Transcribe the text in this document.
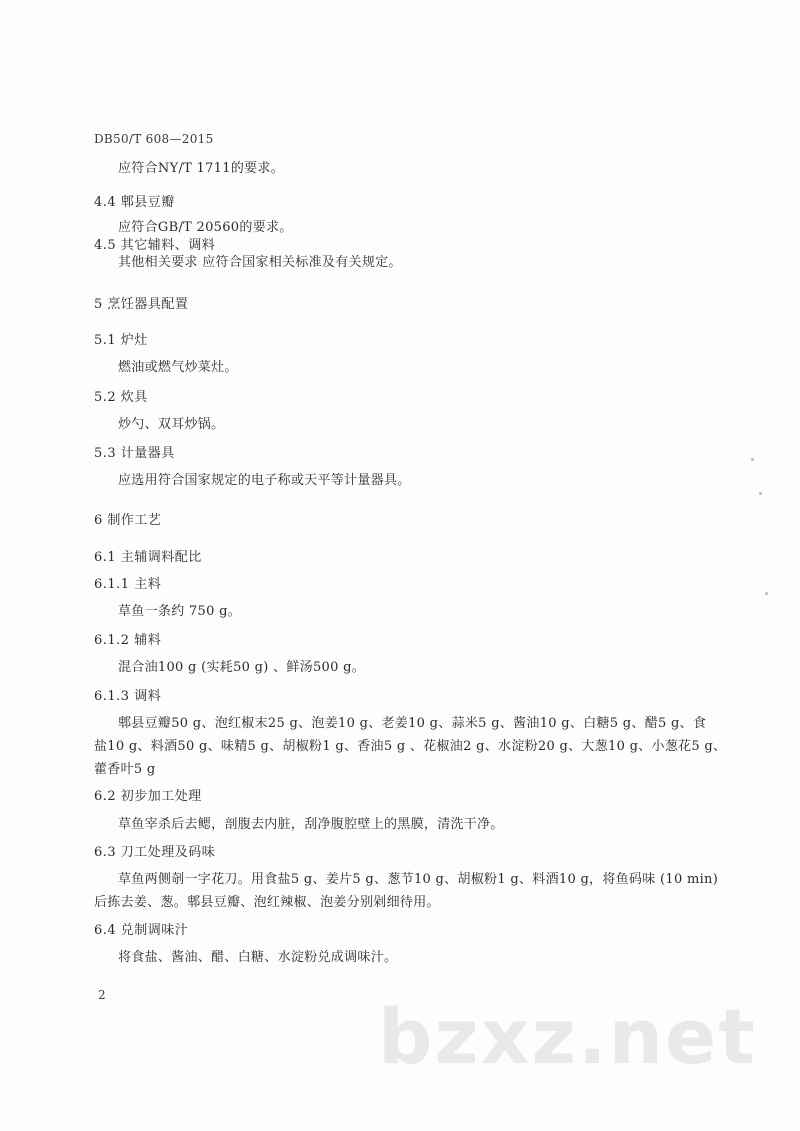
DB50/T 608—2015
应符合NY/T 1711的要求。
4.4 郫县豆瓣
应符合GB/T 20560的要求。
4.5 其它辅料、调料
其他相关要求 应符合国家相关标准及有关规定。
5 烹饪器具配置
5.1 炉灶
燃油或燃气炒菜灶。
5.2 炊具
炒勺、双耳炒锅。
5.3 计量器具
应选用符合国家规定的电子称或天平等计量器具。
6 制作工艺
6.1 主辅调料配比
6.1.1 主料
草鱼一条约 750 g。
6.1.2 辅料
混合油100 g (实耗50 g) 、鲜汤500 g。
6.1.3 调料
郫县豆瓣50 g、泡红椒末25 g、泡姜10 g、老姜10 g、蒜米5 g、酱油10 g、白糖5 g、醋5 g、食
盐10 g、料酒50 g、味精5 g、胡椒粉1 g、香油5 g 、花椒油2 g、水淀粉20 g、大葱10 g、小葱花5 g、
藿香叶5 g
6.2 初步加工处理
草鱼宰杀后去鳃，剖腹去内脏，刮净腹腔壁上的黑膜，清洗干净。
6.3 刀工处理及码味
草鱼两侧剞一字花刀。用食盐5 g、姜片5 g、葱节10 g、胡椒粉1 g、料酒10 g，将鱼码味 (10 min)
后拣去姜、葱。郫县豆瓣、泡红辣椒、泡姜分别剁细待用。
6.4 兑制调味汁
将食盐、酱油、醋、白糖、水淀粉兑成调味汁。
2	bzxz.net
